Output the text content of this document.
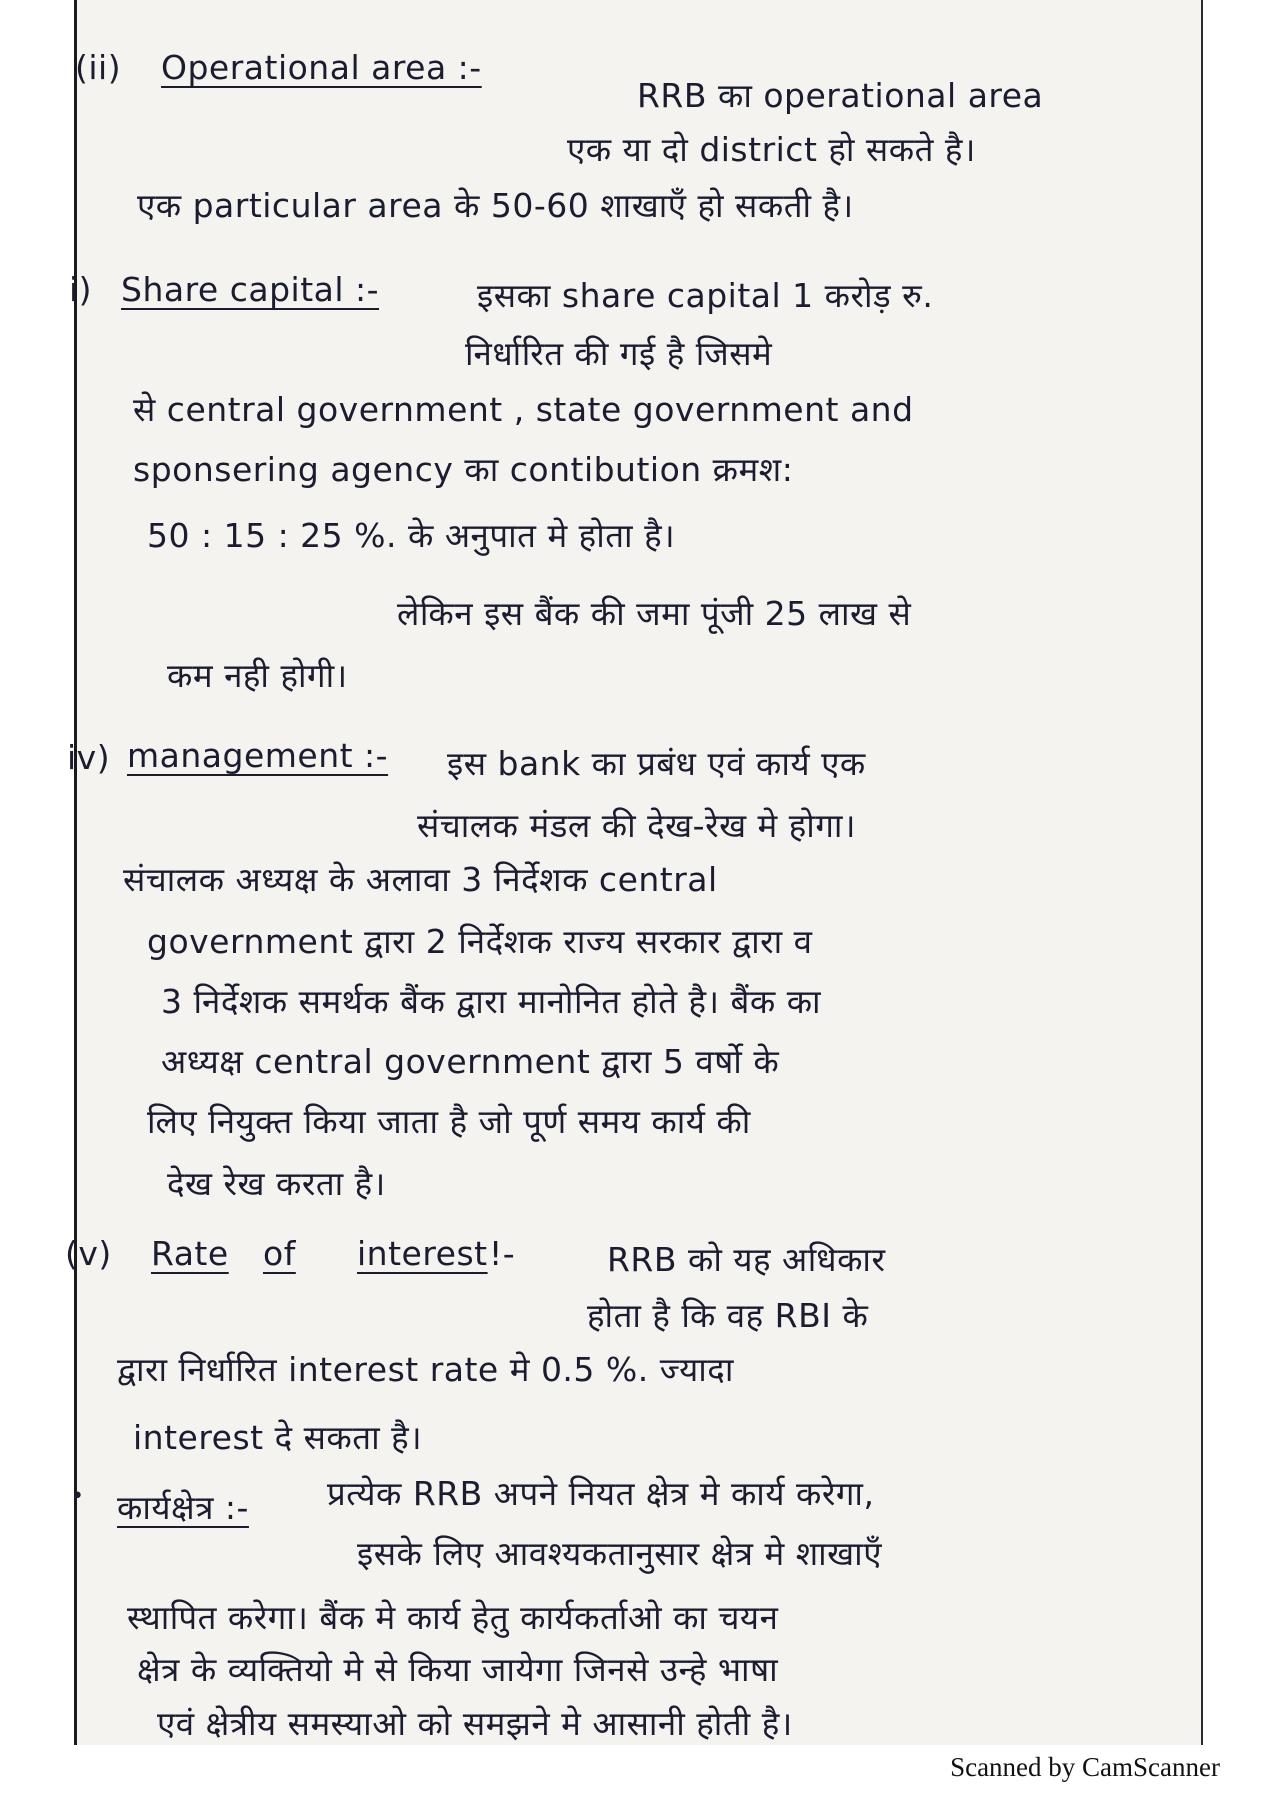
(ii) Operational area :-
RRB का operational area
एक या दो district हो सकते है।
एक particular area के 50-60 शाखाएँ हो सकती है।
i) Share capital :-	इसका share capital 1 करोड़ रु.
निर्धारित की गई है जिसमे
से central government , state government and
sponsering agency का contibution क्रमश:
50 : 15 : 25 %. के अनुपात मे होता है।
लेकिन इस बैंक की जमा पूंजी 25 लाख से
कम नही होगी।
iv) management :- इस bank का प्रबंध एवं कार्य एक
संचालक मंडल की देख-रेख मे होगा।
संचालक अध्यक्ष के अलावा 3 निर्देशक central
government द्वारा 2 निर्देशक राज्य सरकार द्वारा व
3 निर्देशक समर्थक बैंक द्वारा मानोनित होते है। बैंक का
अध्यक्ष central government द्वारा 5 वर्षो के
लिए नियुक्त किया जाता है जो पूर्ण समय कार्य की
देख रेख करता है।
(v) Rate of interest !-	RRB को यह अधिकार
होता है कि वह RBI के
द्वारा निर्धारित interest rate मे 0.5 %. ज्यादा
interest दे सकता है।
• कार्यक्षेत्र :- प्रत्येक RRB अपने नियत क्षेत्र मे कार्य करेगा,
इसके लिए आवश्यकतानुसार क्षेत्र मे शाखाएँ
स्थापित करेगा। बैंक मे कार्य हेतु कार्यकर्ताओ का चयन
क्षेत्र के व्यक्तियो मे से किया जायेगा जिनसे उन्हे भाषा
एवं क्षेत्रीय समस्याओ को समझने मे आसानी होती है।
Scanned by CamScanner
